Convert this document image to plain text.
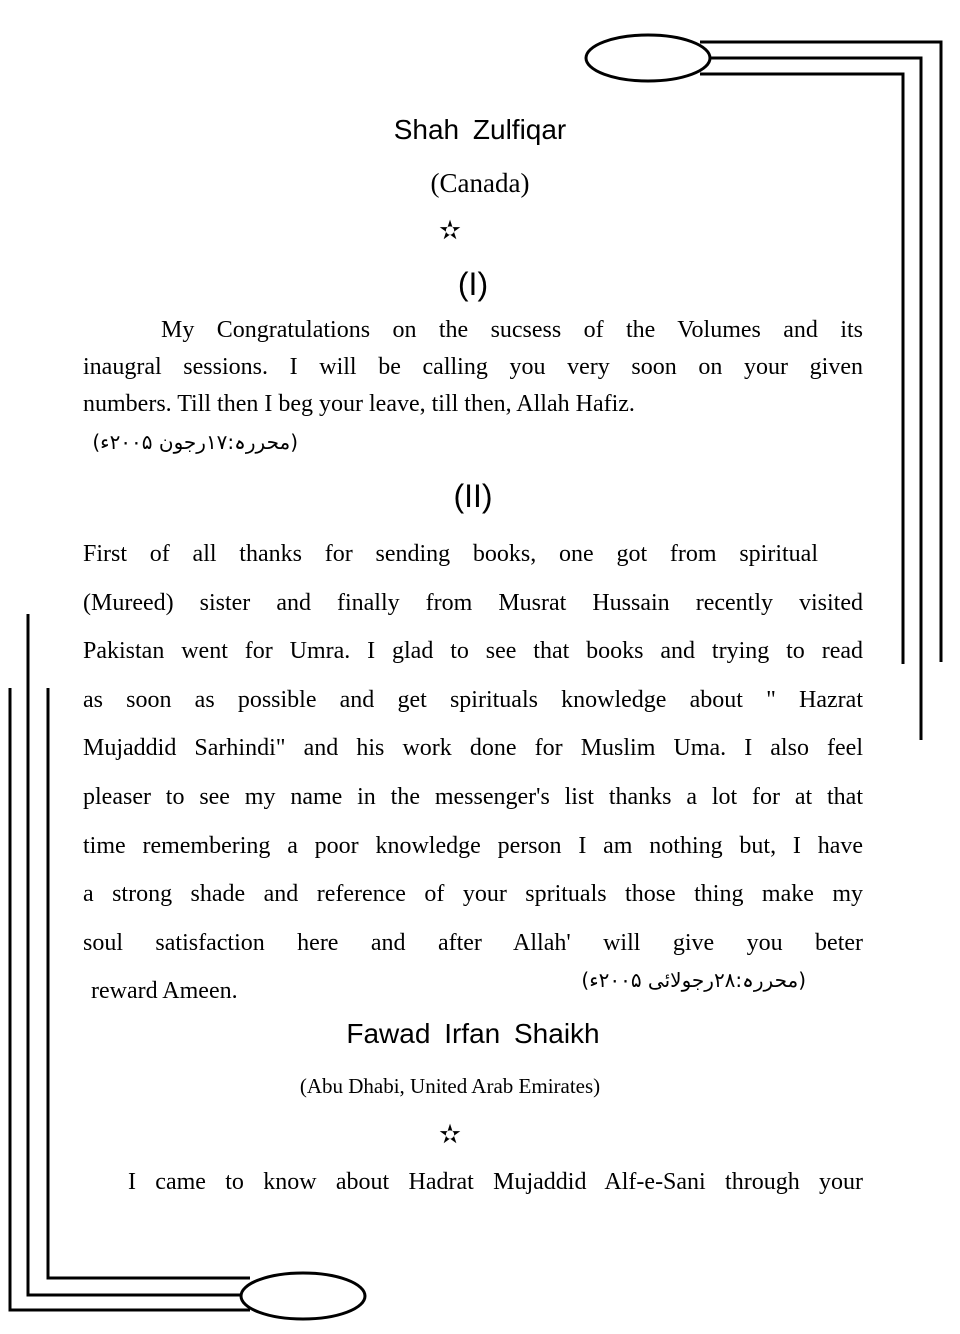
Shah Zulfiqar
(Canada)
✫
(I)
My Congratulations on the sucsess of the Volumes and its
inaugral sessions. I will be calling you very soon on your given
numbers. Till then I beg your leave, till then, Allah Hafiz.
(محررہ:۱۷رجون ۲۰۰۵ء)
(II)
First of all thanks for sending books, one got from spiritual
(Mureed) sister and finally from Musrat Hussain recently visited
Pakistan went for Umra. I glad to see that books and trying to read
as soon as possible and get spirituals knowledge about " Hazrat
Mujaddid Sarhindi" and his work done for Muslim Uma. I also feel
pleaser to see my name in the messenger's list thanks a lot for at that
time remembering a poor knowledge person I am nothing but, I have
a strong shade and reference of your sprituals those thing make my
soul satisfaction here and after Allah' will give you beter
reward Ameen.	(محررہ:۲۸رجولائی ۲۰۰۵ء)
Fawad Irfan Shaikh
(Abu Dhabi, United Arab Emirates)
✫
I came to know about Hadrat Mujaddid Alf-e-Sani through your
